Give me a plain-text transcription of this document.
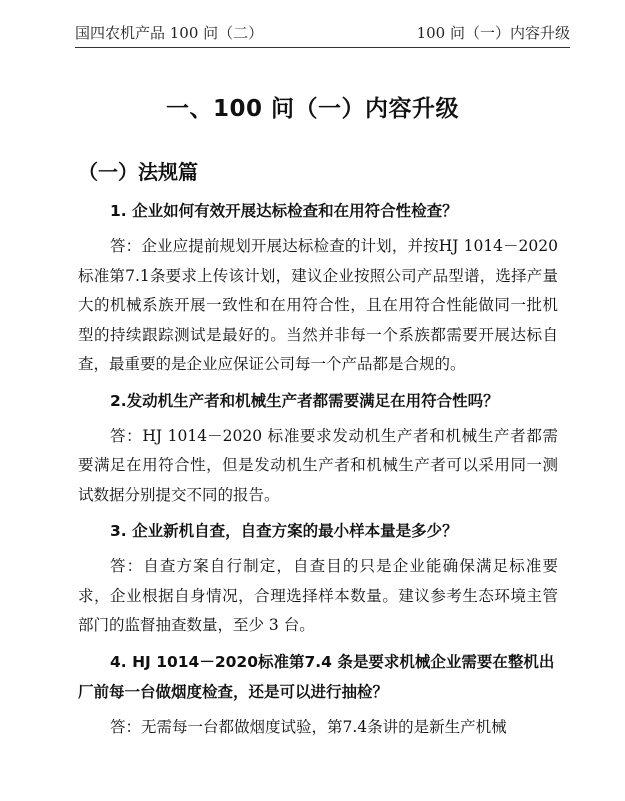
国四农机产品 100 问（二）	100 问（一）内容升级
一、100 问（一）内容升级
（一）法规篇

1. 企业如何有效开展达标检查和在用符合性检查？

答：企业应提前规划开展达标检查的计划，并按HJ 1014－2020标准第7.1条要求上传该计划，建议企业按照公司产品型谱，选择产量大的机械系族开展一致性和在用符合性，且在用符合性能做同一批机型的持续跟踪测试是最好的。当然并非每一个系族都需要开展达标自查，最重要的是企业应保证公司每一个产品都是合规的。

2.发动机生产者和机械生产者都需要满足在用符合性吗？

答：HJ 1014－2020 标准要求发动机生产者和机械生产者都需要满足在用符合性，但是发动机生产者和机械生产者可以采用同一测试数据分别提交不同的报告。

3. 企业新机自查，自查方案的最小样本量是多少？

答：自查方案自行制定，自查目的只是企业能确保满足标准要求，企业根据自身情况，合理选择样本数量。建议参考生态环境主管部门的监督抽查数量，至少 3 台。

4. HJ 1014－2020标准第7.4 条是要求机械企业需要在整机出厂前每一台做烟度检查，还是可以进行抽检？

答：无需每一台都做烟度试验，第7.4条讲的是新生产机械
